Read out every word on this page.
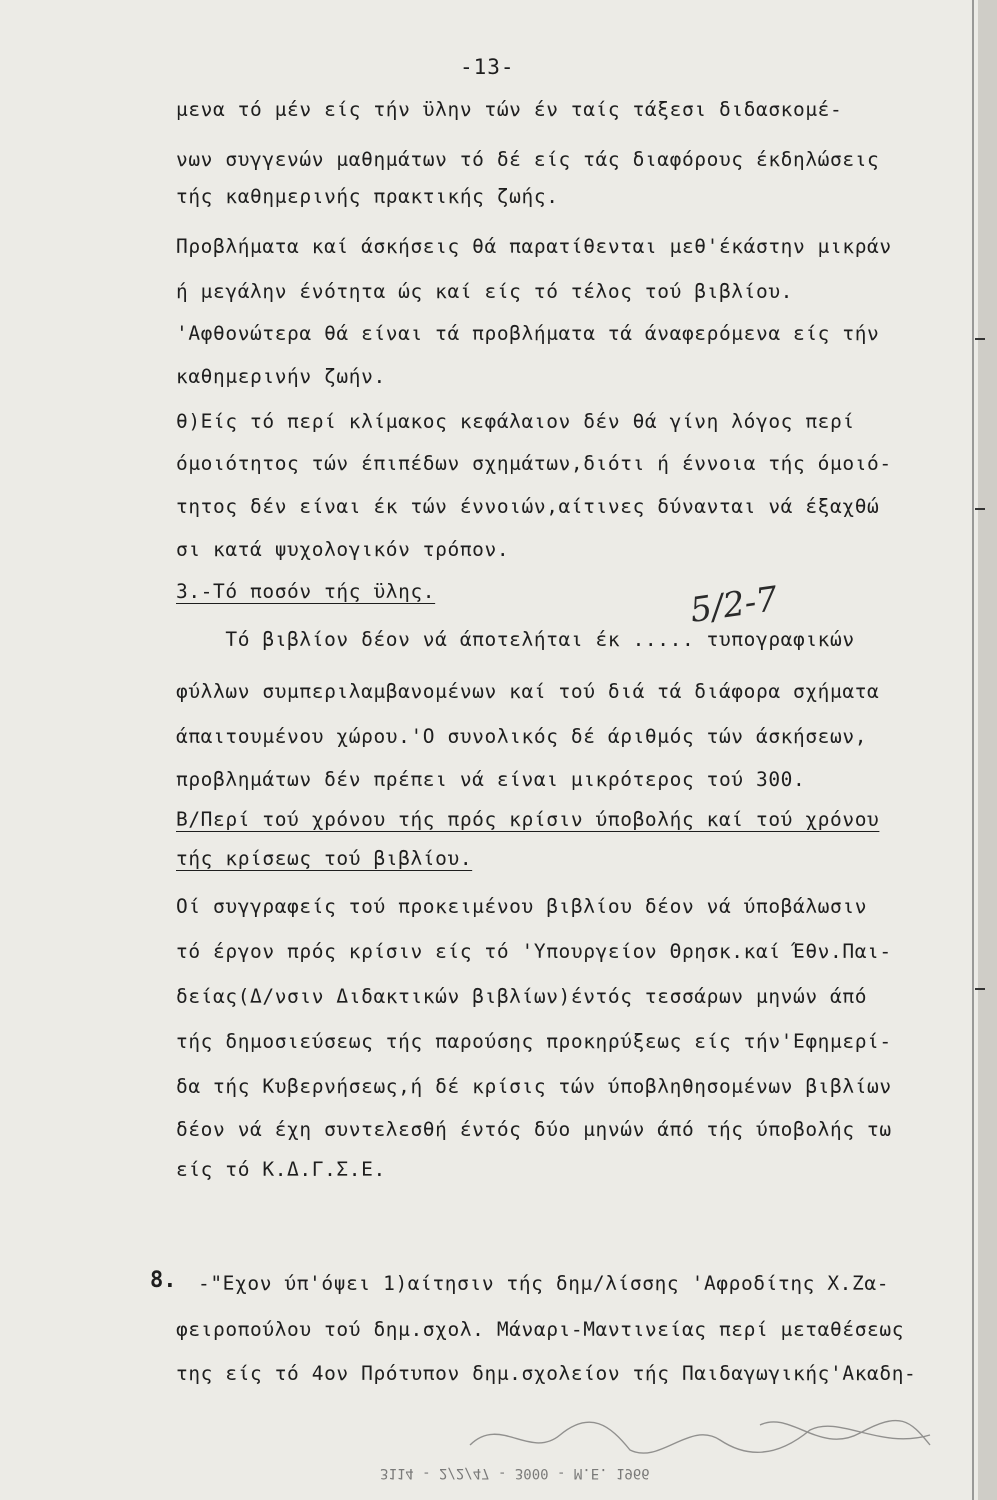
-13-
μενα τό μέν είς τήν ϋλην τών έν ταίς τάξεσι διδασκομέ-
νων συγγενών μαθημάτων τό δέ είς τάς διαφόρους έκδηλώσεις
τής καθημερινής πρακτικής ζωής.
Προβλήματα καί άσκήσεις θά παρατίθενται μεθ'έκάστην μικράν
ή μεγάλην ένότητα ώς καί είς τό τέλος τού βιβλίου.
'Αφθονώτερα θά είναι τά προβλήματα τά άναφερόμενα είς τήν
καθημερινήν ζωήν.
θ)Είς τό περί κλίμακος κεφάλαιον δέν θά γίνη λόγος περί
όμοιότητος τών έπιπέδων σχημάτων,διότι ή έννοια τής όμοιό-
τητος δέν είναι έκ τών έννοιών,αίτινες δύνανται νά έξαχθώ
σι κατά ψυχολογικόν τρόπον.
3.-Τό ποσόν τής ϋλης.
Τό βιβλίον δέον νά άποτελήται έκ ..... τυπογραφικών
φύλλων συμπεριλαμβανομένων καί τού διά τά διάφορα σχήματα
άπαιτουμένου χώρου.'Ο συνολικός δέ άριθμός τών άσκήσεων,
προβλημάτων δέν πρέπει νά είναι μικρότερος τού 300.
Β/Περί τού χρόνου τής πρός κρίσιν ύποβολής καί τού χρόνου
τής κρίσεως τού βιβλίου.
Οί συγγραφείς τού προκειμένου βιβλίου δέον νά ύποβάλωσιν
τό έργον πρός κρίσιν είς τό 'Υπουργείον Θρησκ.καί Έθν.Παι-
δείας(Δ/νσιν Διδακτικών βιβλίων)έντός τεσσάρων μηνών άπό
τής δημοσιεύσεως τής παρούσης προκηρύξεως είς τήν'Εφημερί-
δα τής Κυβερνήσεως,ή δέ κρίσις τών ύποβληθησομένων βιβλίων
δέον νά έχη συντελεσθή έντός δύο μηνών άπό τής ύποβολής τω
είς τό Κ.Δ.Γ.Σ.Ε.
8. -"Εχον ύπ'όψει 1)αίτησιν τής δημ/λίσσης 'Αφροδίτης Χ.Ζα-
φειροπούλου τού δημ.σχολ. Μάναρι-Μαντινείας περί μεταθέσεως
της είς τό 4ον Πρότυπον δημ.σχολείον τής Παιδαγωγικής'Ακαδη-
5/2-7
3114 - 2/2/47 - 3000 - Μ.Ε. 1966
